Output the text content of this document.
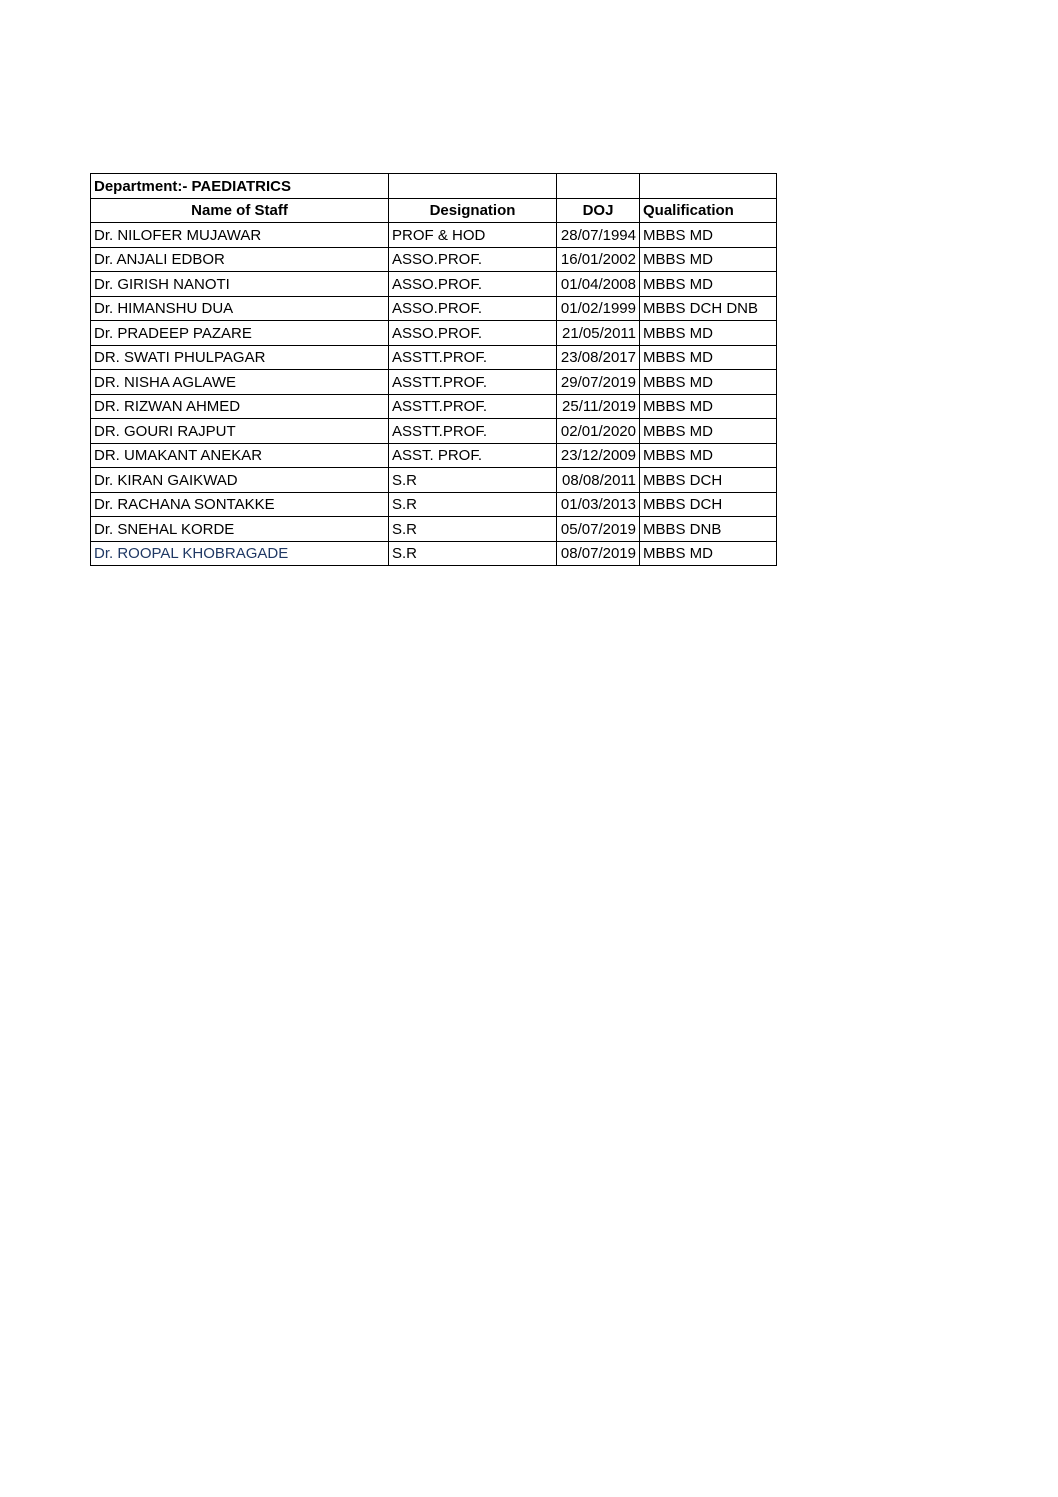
Department:- PAEDIATRICS			
Name of Staff	Designation	DOJ	Qualification
Dr. NILOFER MUJAWAR	PROF & HOD	28/07/1994	MBBS MD
Dr. ANJALI EDBOR	ASSO.PROF.	16/01/2002	MBBS MD
Dr. GIRISH NANOTI	ASSO.PROF.	01/04/2008	MBBS MD
Dr. HIMANSHU DUA	ASSO.PROF.	01/02/1999	MBBS DCH DNB
Dr. PRADEEP PAZARE	ASSO.PROF.	21/05/2011	MBBS MD
DR. SWATI PHULPAGAR	ASSTT.PROF.	23/08/2017	MBBS MD
DR. NISHA AGLAWE	ASSTT.PROF.	29/07/2019	MBBS MD
DR. RIZWAN AHMED	ASSTT.PROF.	25/11/2019	MBBS MD
DR. GOURI RAJPUT	ASSTT.PROF.	02/01/2020	MBBS MD
DR. UMAKANT ANEKAR	ASST. PROF.	23/12/2009	MBBS MD
Dr. KIRAN GAIKWAD	S.R	08/08/2011	MBBS DCH
Dr. RACHANA SONTAKKE	S.R	01/03/2013	MBBS DCH
Dr. SNEHAL KORDE	S.R	05/07/2019	MBBS DNB
Dr. ROOPAL KHOBRAGADE	S.R	08/07/2019	MBBS MD
